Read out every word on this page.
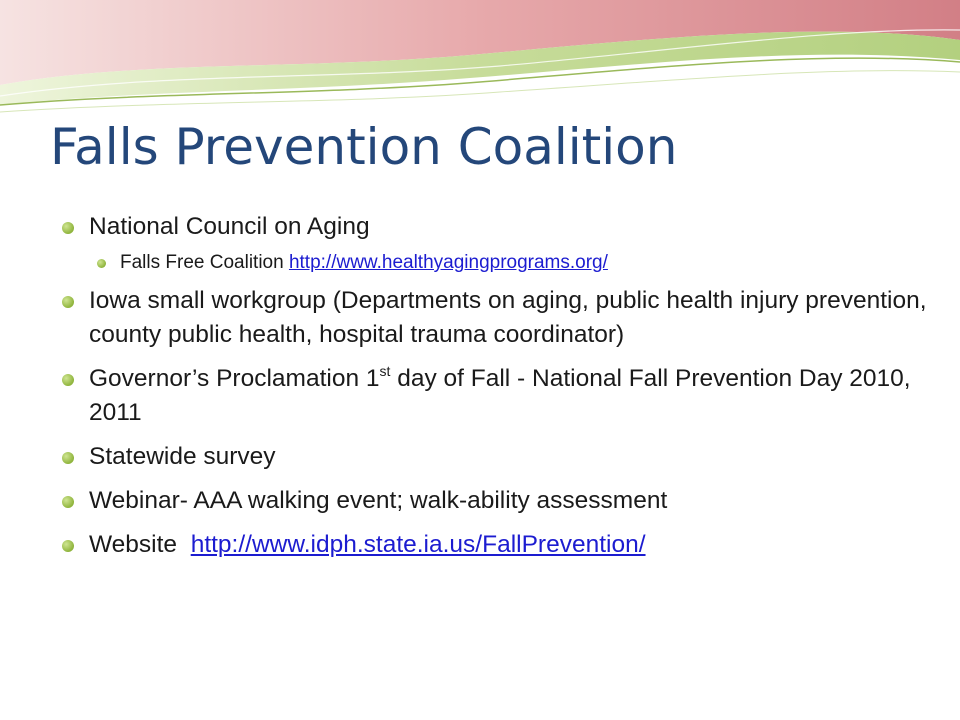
Falls Prevention Coalition
National Council on Aging
Falls Free Coalition http://www.healthyagingprograms.org/
Iowa small workgroup (Departments on aging, public health injury prevention, county public health, hospital trauma coordinator)
Governor’s Proclamation 1st day of Fall - National Fall Prevention Day 2010, 2011
Statewide survey
Webinar- AAA walking event; walk-ability assessment
Website http://www.idph.state.ia.us/FallPrevention/
